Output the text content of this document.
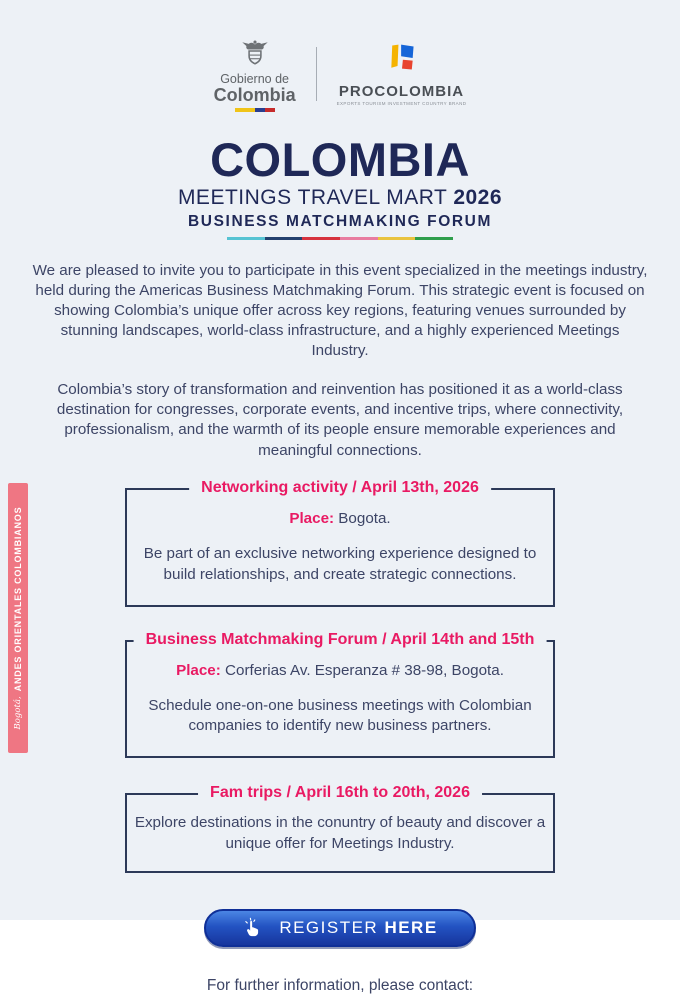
Gobierno de
Colombia	PROCOLOMBIA
EXPORTS TOURISM INVESTMENT COUNTRY BRAND
COLOMBIA
MEETINGS TRAVEL MART 2026
BUSINESS MATCHMAKING FORUM

We are pleased to invite you to participate in this event specialized in the meetings industry, held during the Americas Business Matchmaking Forum. This strategic event is focused on showing Colombia’s unique offer across key regions, featuring venues surrounded by stunning landscapes, world-class infrastructure, and a highly experienced Meetings Industry.

Colombia’s story of transformation and reinvention has positioned it as a world-class destination for congresses, corporate events, and incentive trips, where connectivity, professionalism, and the warmth of its people ensure memorable experiences and meaningful connections.

Networking activity / April 13th, 2026
Place: Bogota.
Be part of an exclusive networking experience designed to build relationships, and create strategic connections.
Business Matchmaking Forum / April 14th and 15th
Place: Corferias Av. Esperanza # 38-98, Bogota.
Schedule one-on-one business meetings with Colombian companies to identify new business partners.
Fam trips / April 16th to 20th, 2026
Explore destinations in the conuntry of beauty and discover a unique offer for Meetings Industry.
REGISTER HERE
For further information, please contact:
Bogotá,
ANDES ORIENTALES COLOMBIANOS
